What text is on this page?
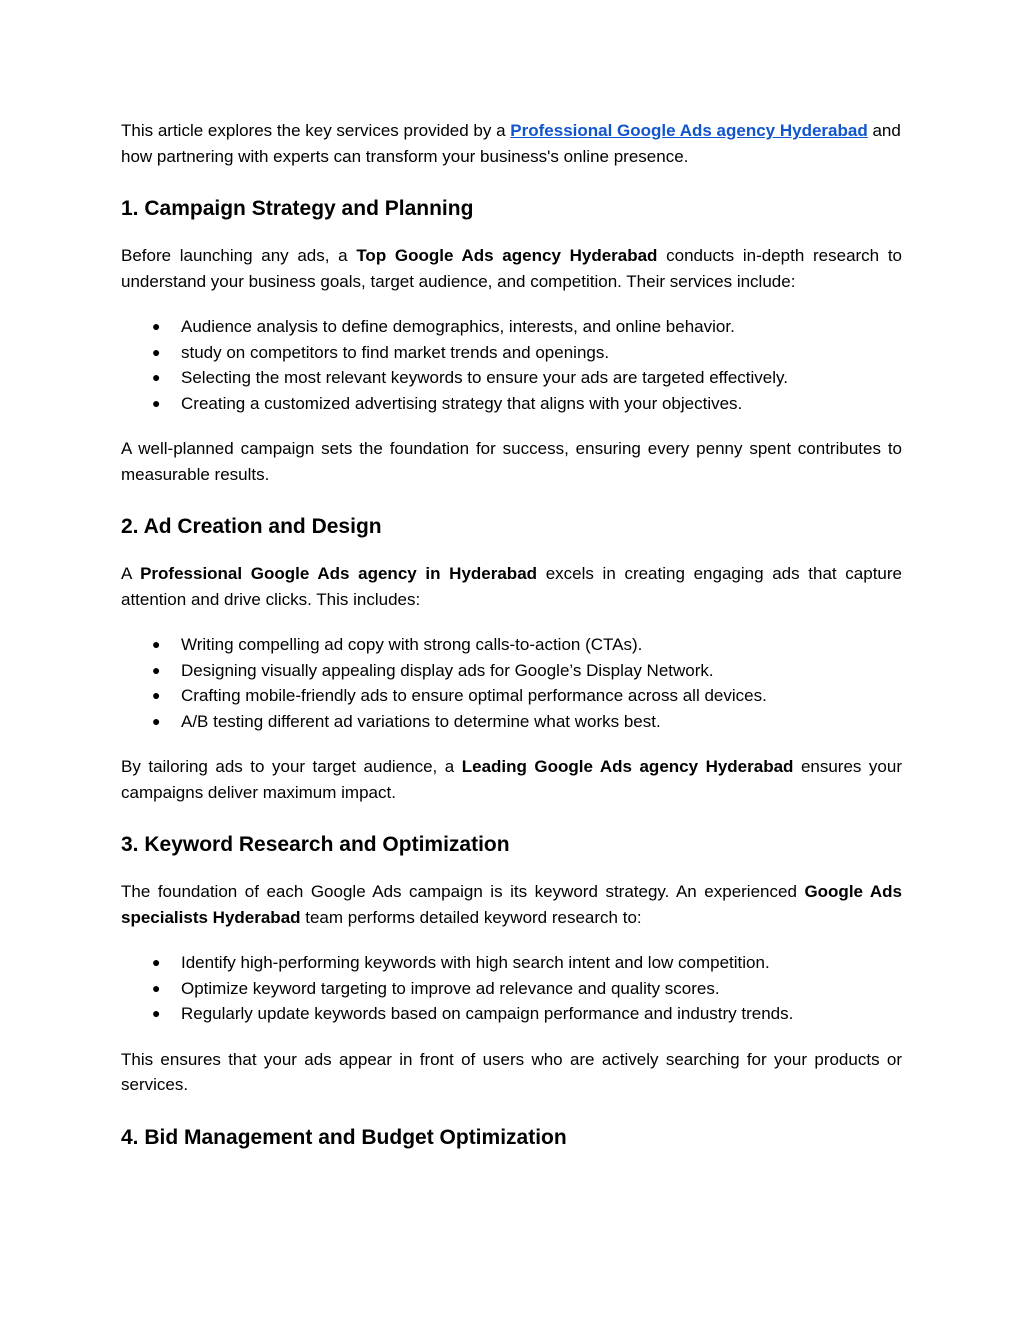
This article explores the key services provided by a Professional Google Ads agency Hyderabad and how partnering with experts can transform your business's online presence.

1. Campaign Strategy and Planning

Before launching any ads, a Top Google Ads agency Hyderabad conducts in-depth research to understand your business goals, target audience, and competition. Their services include:

● Audience analysis to define demographics, interests, and online behavior.
● study on competitors to find market trends and openings.
● Selecting the most relevant keywords to ensure your ads are targeted effectively.
● Creating a customized advertising strategy that aligns with your objectives.

A well-planned campaign sets the foundation for success, ensuring every penny spent contributes to measurable results.

2. Ad Creation and Design

A Professional Google Ads agency in Hyderabad excels in creating engaging ads that capture attention and drive clicks. This includes:

● Writing compelling ad copy with strong calls-to-action (CTAs).
● Designing visually appealing display ads for Google’s Display Network.
● Crafting mobile-friendly ads to ensure optimal performance across all devices.
● A/B testing different ad variations to determine what works best.

By tailoring ads to your target audience, a Leading Google Ads agency Hyderabad ensures your campaigns deliver maximum impact.

3. Keyword Research and Optimization

The foundation of each Google Ads campaign is its keyword strategy. An experienced Google Ads specialists Hyderabad team performs detailed keyword research to:

● Identify high-performing keywords with high search intent and low competition.
● Optimize keyword targeting to improve ad relevance and quality scores.
● Regularly update keywords based on campaign performance and industry trends.

This ensures that your ads appear in front of users who are actively searching for your products or services.

4. Bid Management and Budget Optimization
